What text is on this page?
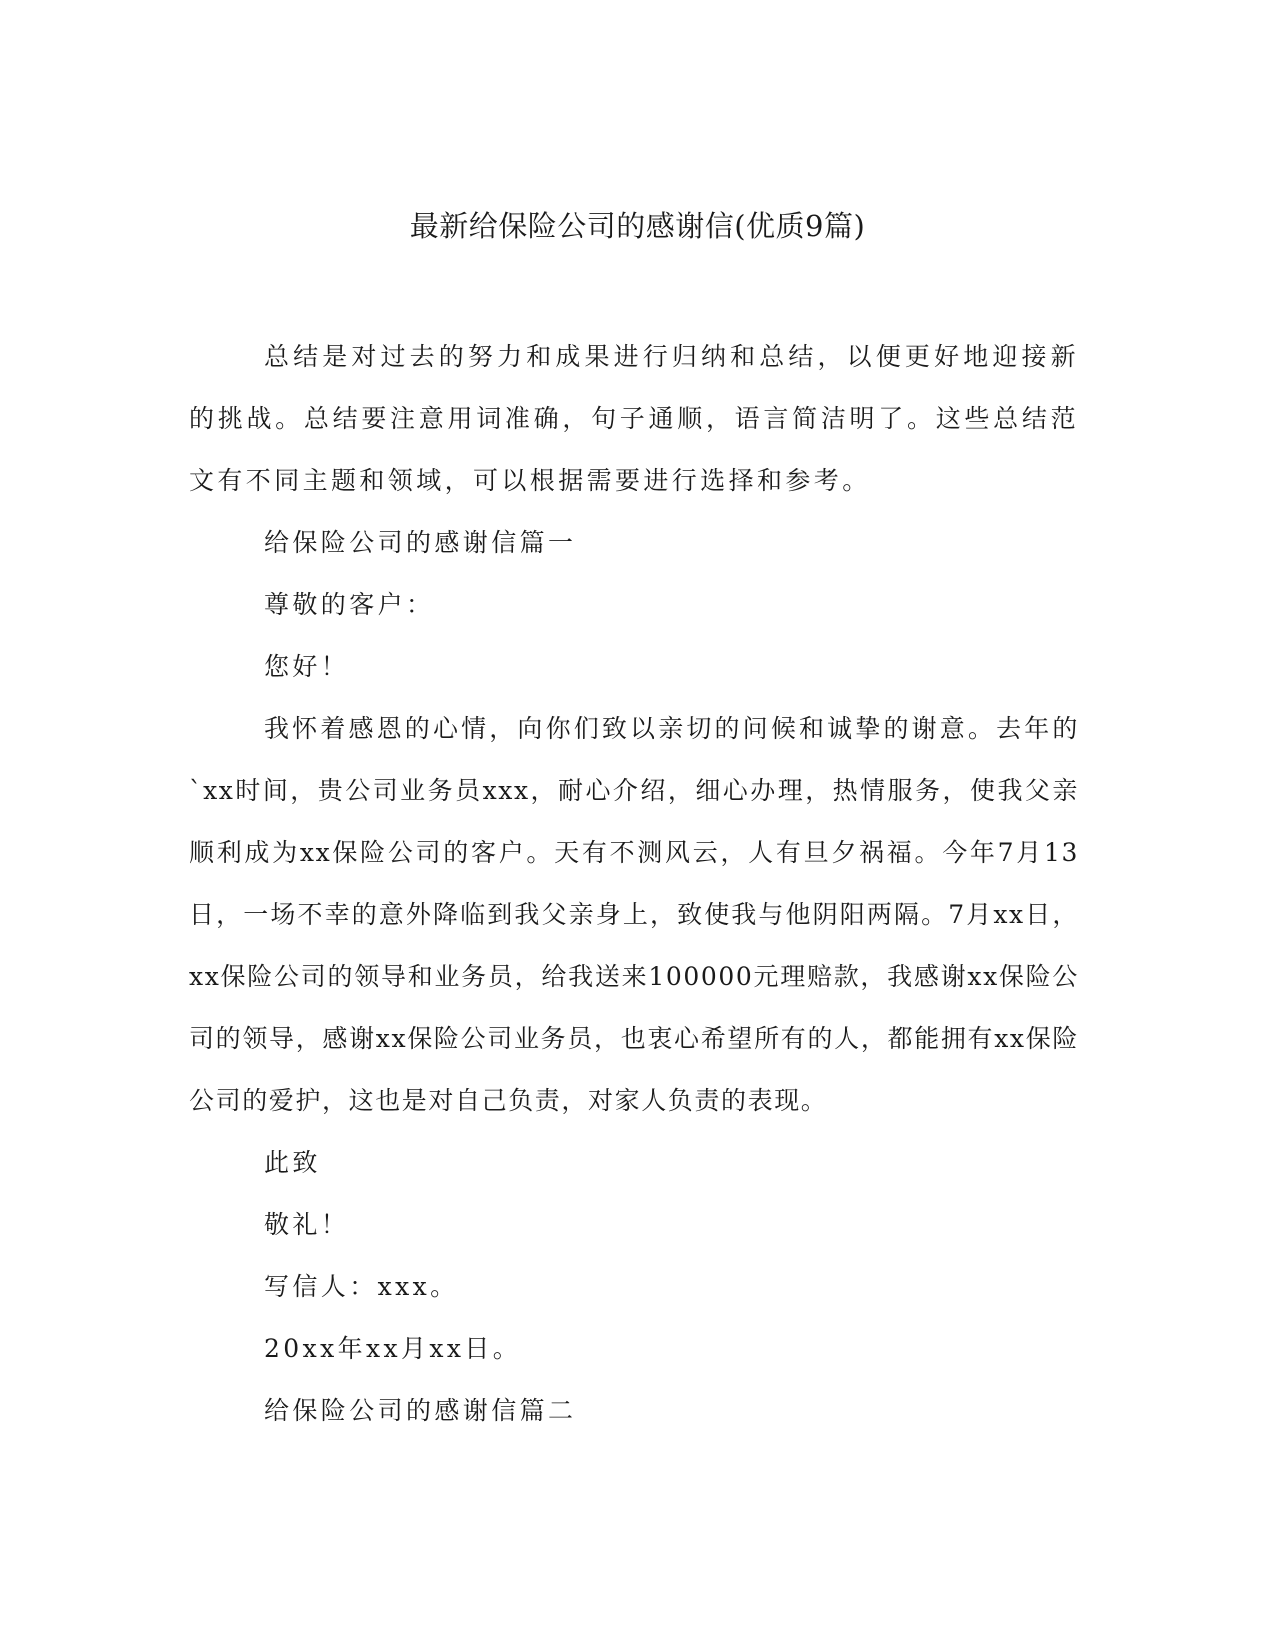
最新给保险公司的感谢信(优质9篇)

总结是对过去的努力和成果进行归纳和总结，以便更好地迎接新的挑战。总结要注意用词准确，句子通顺，语言简洁明了。这些总结范文有不同主题和领域，可以根据需要进行选择和参考。

给保险公司的感谢信篇一

尊敬的客户：

您好！

我怀着感恩的心情，向你们致以亲切的问候和诚挚的谢意。去年的`xx时间，贵公司业务员xxx，耐心介绍，细心办理，热情服务，使我父亲顺利成为xx保险公司的客户。天有不测风云，人有旦夕祸福。今年7月13日，一场不幸的意外降临到我父亲身上，致使我与他阴阳两隔。7月xx日，xx保险公司的领导和业务员，给我送来100000元理赔款，我感谢xx保险公司的领导，感谢xx保险公司业务员，也衷心希望所有的人，都能拥有xx保险公司的爱护，这也是对自己负责，对家人负责的表现。

此致

敬礼！

写信人：xxx。

20xx年xx月xx日。

给保险公司的感谢信篇二
